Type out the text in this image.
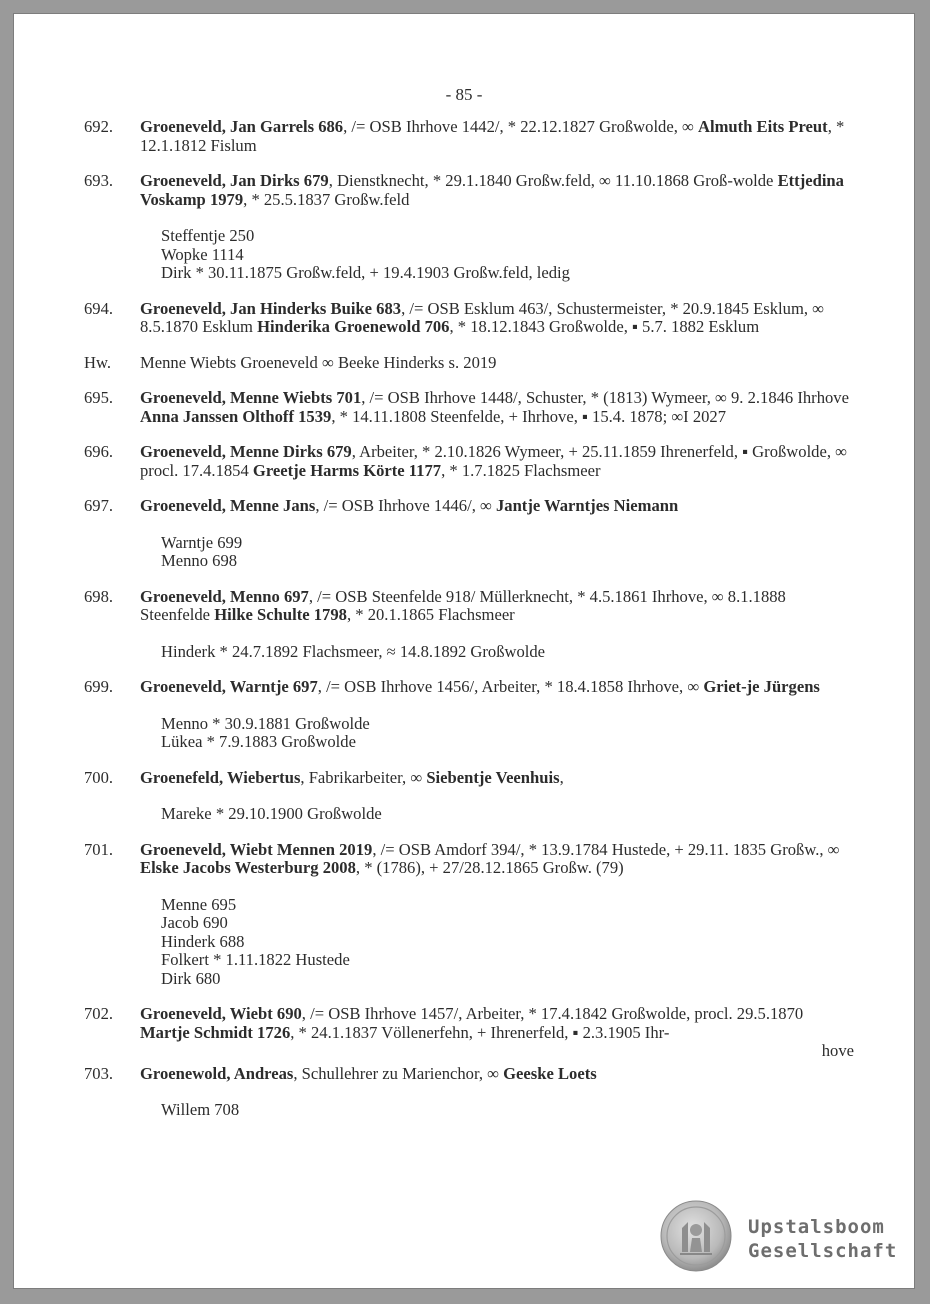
- 85 -
692.	Groeneveld, Jan Garrels 686, /= OSB Ihrhove 1442/, * 22.12.1827 Großwolde, ∞ Almuth Eits Preut, * 12.1.1812 Fislum
693.	Groeneveld, Jan Dirks 679, Dienstknecht, * 29.1.1840 Großw.feld, ∞ 11.10.1868 Groß-wolde Ettjedina Voskamp 1979, * 25.5.1837 Großw.feld
Steffentje 250
Wopke 1114
Dirk * 30.11.1875 Großw.feld, + 19.4.1903 Großw.feld, ledig
694.	Groeneveld, Jan Hinderks Buike 683, /= OSB Esklum 463/, Schustermeister, * 20.9.1845 Esklum, ∞ 8.5.1870 Esklum Hinderika Groenewold 706, * 18.12.1843 Großwolde, ▪ 5.7. 1882 Esklum
Hw.	Menne Wiebts Groeneveld ∞ Beeke Hinderks s. 2019
695.	Groeneveld, Menne Wiebts 701, /= OSB Ihrhove 1448/, Schuster, * (1813) Wymeer, ∞ 9. 2.1846 Ihrhove Anna Janssen Olthoff 1539, * 14.11.1808 Steenfelde, + Ihrhove, ▪ 15.4. 1878; ∞I 2027
696.	Groeneveld, Menne Dirks 679, Arbeiter, * 2.10.1826 Wymeer, + 25.11.1859 Ihrenerfeld, ▪ Großwolde, ∞ procl. 17.4.1854 Greetje Harms Körte 1177, * 1.7.1825 Flachsmeer
697.	Groeneveld, Menne Jans, /= OSB Ihrhove 1446/, ∞ Jantje Warntjes Niemann
Warntje 699
Menno 698
698.	Groeneveld, Menno 697, /= OSB Steenfelde 918/ Müllerknecht, * 4.5.1861 Ihrhove, ∞ 8.1.1888 Steenfelde Hilke Schulte 1798, * 20.1.1865 Flachsmeer
Hinderk * 24.7.1892 Flachsmeer, ≈ 14.8.1892 Großwolde
699.	Groeneveld, Warntje 697, /= OSB Ihrhove 1456/, Arbeiter, * 18.4.1858 Ihrhove, ∞ Griet-je Jürgens
Menno * 30.9.1881 Großwolde
Lükea * 7.9.1883 Großwolde
700.	Groenefeld, Wiebertus, Fabrikarbeiter, ∞ Siebentje Veenhuis,
Mareke * 29.10.1900 Großwolde
701.	Groeneveld, Wiebt Mennen 2019, /= OSB Amdorf 394/, * 13.9.1784 Hustede, + 29.11. 1835 Großw., ∞ Elske Jacobs Westerburg 2008, * (1786), + 27/28.12.1865 Großw. (79)
Menne 695
Jacob 690
Hinderk 688
Folkert * 1.11.1822 Hustede
Dirk 680
702.	Groeneveld, Wiebt 690, /= OSB Ihrhove 1457/, Arbeiter, * 17.4.1842 Großwolde, procl. 29.5.1870 Martje Schmidt 1726, * 24.1.1837 Völlenerfehn, + Ihrenerfeld, ▪ 2.3.1905 Ihr-
hove
703.	Groenewold, Andreas, Schullehrer zu Marienchor, ∞ Geeske Loets
Willem 708
Upstalsboom
Gesellschaft
